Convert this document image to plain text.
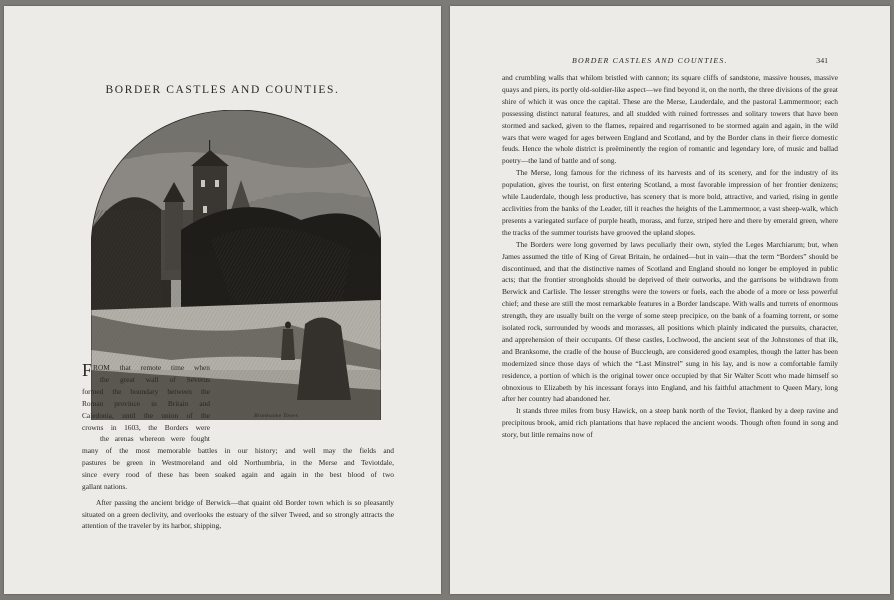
BORDER CASTLES AND COUNTIES.
Branksome Tower.
F ROM that remote time when
the great wall of Severus
formed the boundary between the
Roman province in Britain and
Caledonia, until the union of the
crowns in 1603, the Borders were
the arenas whereon were fought
many of the most memorable battles in our history; and well may the fields and
pastures be green in Westmoreland and old Northumbria, in the Merse and Teviotdale,
since every rood of these has been soaked again and again in the best blood of two
gallant nations.

After passing the ancient bridge of Berwick—that quaint old Border town which is so pleasantly situated on a green declivity, and overlooks the estuary of the silver Tweed, and so strongly attracts the attention of the traveler by its harbor, shipping,

BORDER CASTLES AND COUNTIES.	341

and crumbling walls that whilom bristled with cannon; its square cliffs of sandstone, massive houses, massive quays and piers, its portly old-soldier-like aspect—we find beyond it, on the north, the three divisions of the great shire of which it was once the capital. These are the Merse, Lauderdale, and the pastoral Lammermoor; each possessing distinct natural features, and all studded with ruined fortresses and solitary towers that have been stormed and sacked, given to the flames, repaired and regarrisoned to be stormed again and again, in the wild wars that were waged for ages between England and Scotland, and by the Border clans in their fierce domestic feuds. Hence the whole district is preëminently the region of romantic and legendary lore, of music and ballad poetry—the land of battle and of song.

The Merse, long famous for the richness of its harvests and of its scenery, and for the industry of its population, gives the tourist, on first entering Scotland, a most favorable impression of her frontier denizens; while Lauderdale, though less productive, has scenery that is more bold, attractive, and varied, rising in gentle acclivities from the banks of the Leader, till it reaches the heights of the Lammermoor, a vast sheep-walk, which presents a variegated surface of purple heath, morass, and furze, striped here and there by emerald green, where the tracks of the summer tourists have grooved the upland slopes.

The Borders were long governed by laws peculiarly their own, styled the Leges Marchiarum; but, when James assumed the title of King of Great Britain, he ordained—but in vain—that the term “Borders” should be discontinued, and that the distinctive names of Scotland and England should no longer be employed in public acts; that the frontier strongholds should be deprived of their outworks, and the garrisons be withdrawn from Berwick and Carlisle. The lesser strengths were the towers or fuels, each the abode of a more or less powerful chief; and these are still the most remarkable features in a Border landscape. With walls and turrets of enormous strength, they are usually built on the verge of some steep precipice, on the bank of a foaming torrent, or some isolated rock, surrounded by woods and morasses, all positions which plainly indicated the pursuits, character, and apprehension of their occupants. Of these castles, Lochwood, the ancient seat of the Johnstones of that ilk, and Branksome, the cradle of the house of Buccleugh, are considered good examples, though the latter has been modernized since those days of which the “Last Minstrel” sung in his lay, and is now a comfortable family residence, a portion of which is the original tower once occupied by that Sir Walter Scott who made himself so obnoxious to Elizabeth by his incessant forays into England, and his faithful attachment to Queen Mary, long after her country had abandoned her.

It stands three miles from busy Hawick, on a steep bank north of the Teviot, flanked by a deep ravine and precipitous brook, amid rich plantations that have replaced the ancient woods. Though often found in song and story, but little remains now of
